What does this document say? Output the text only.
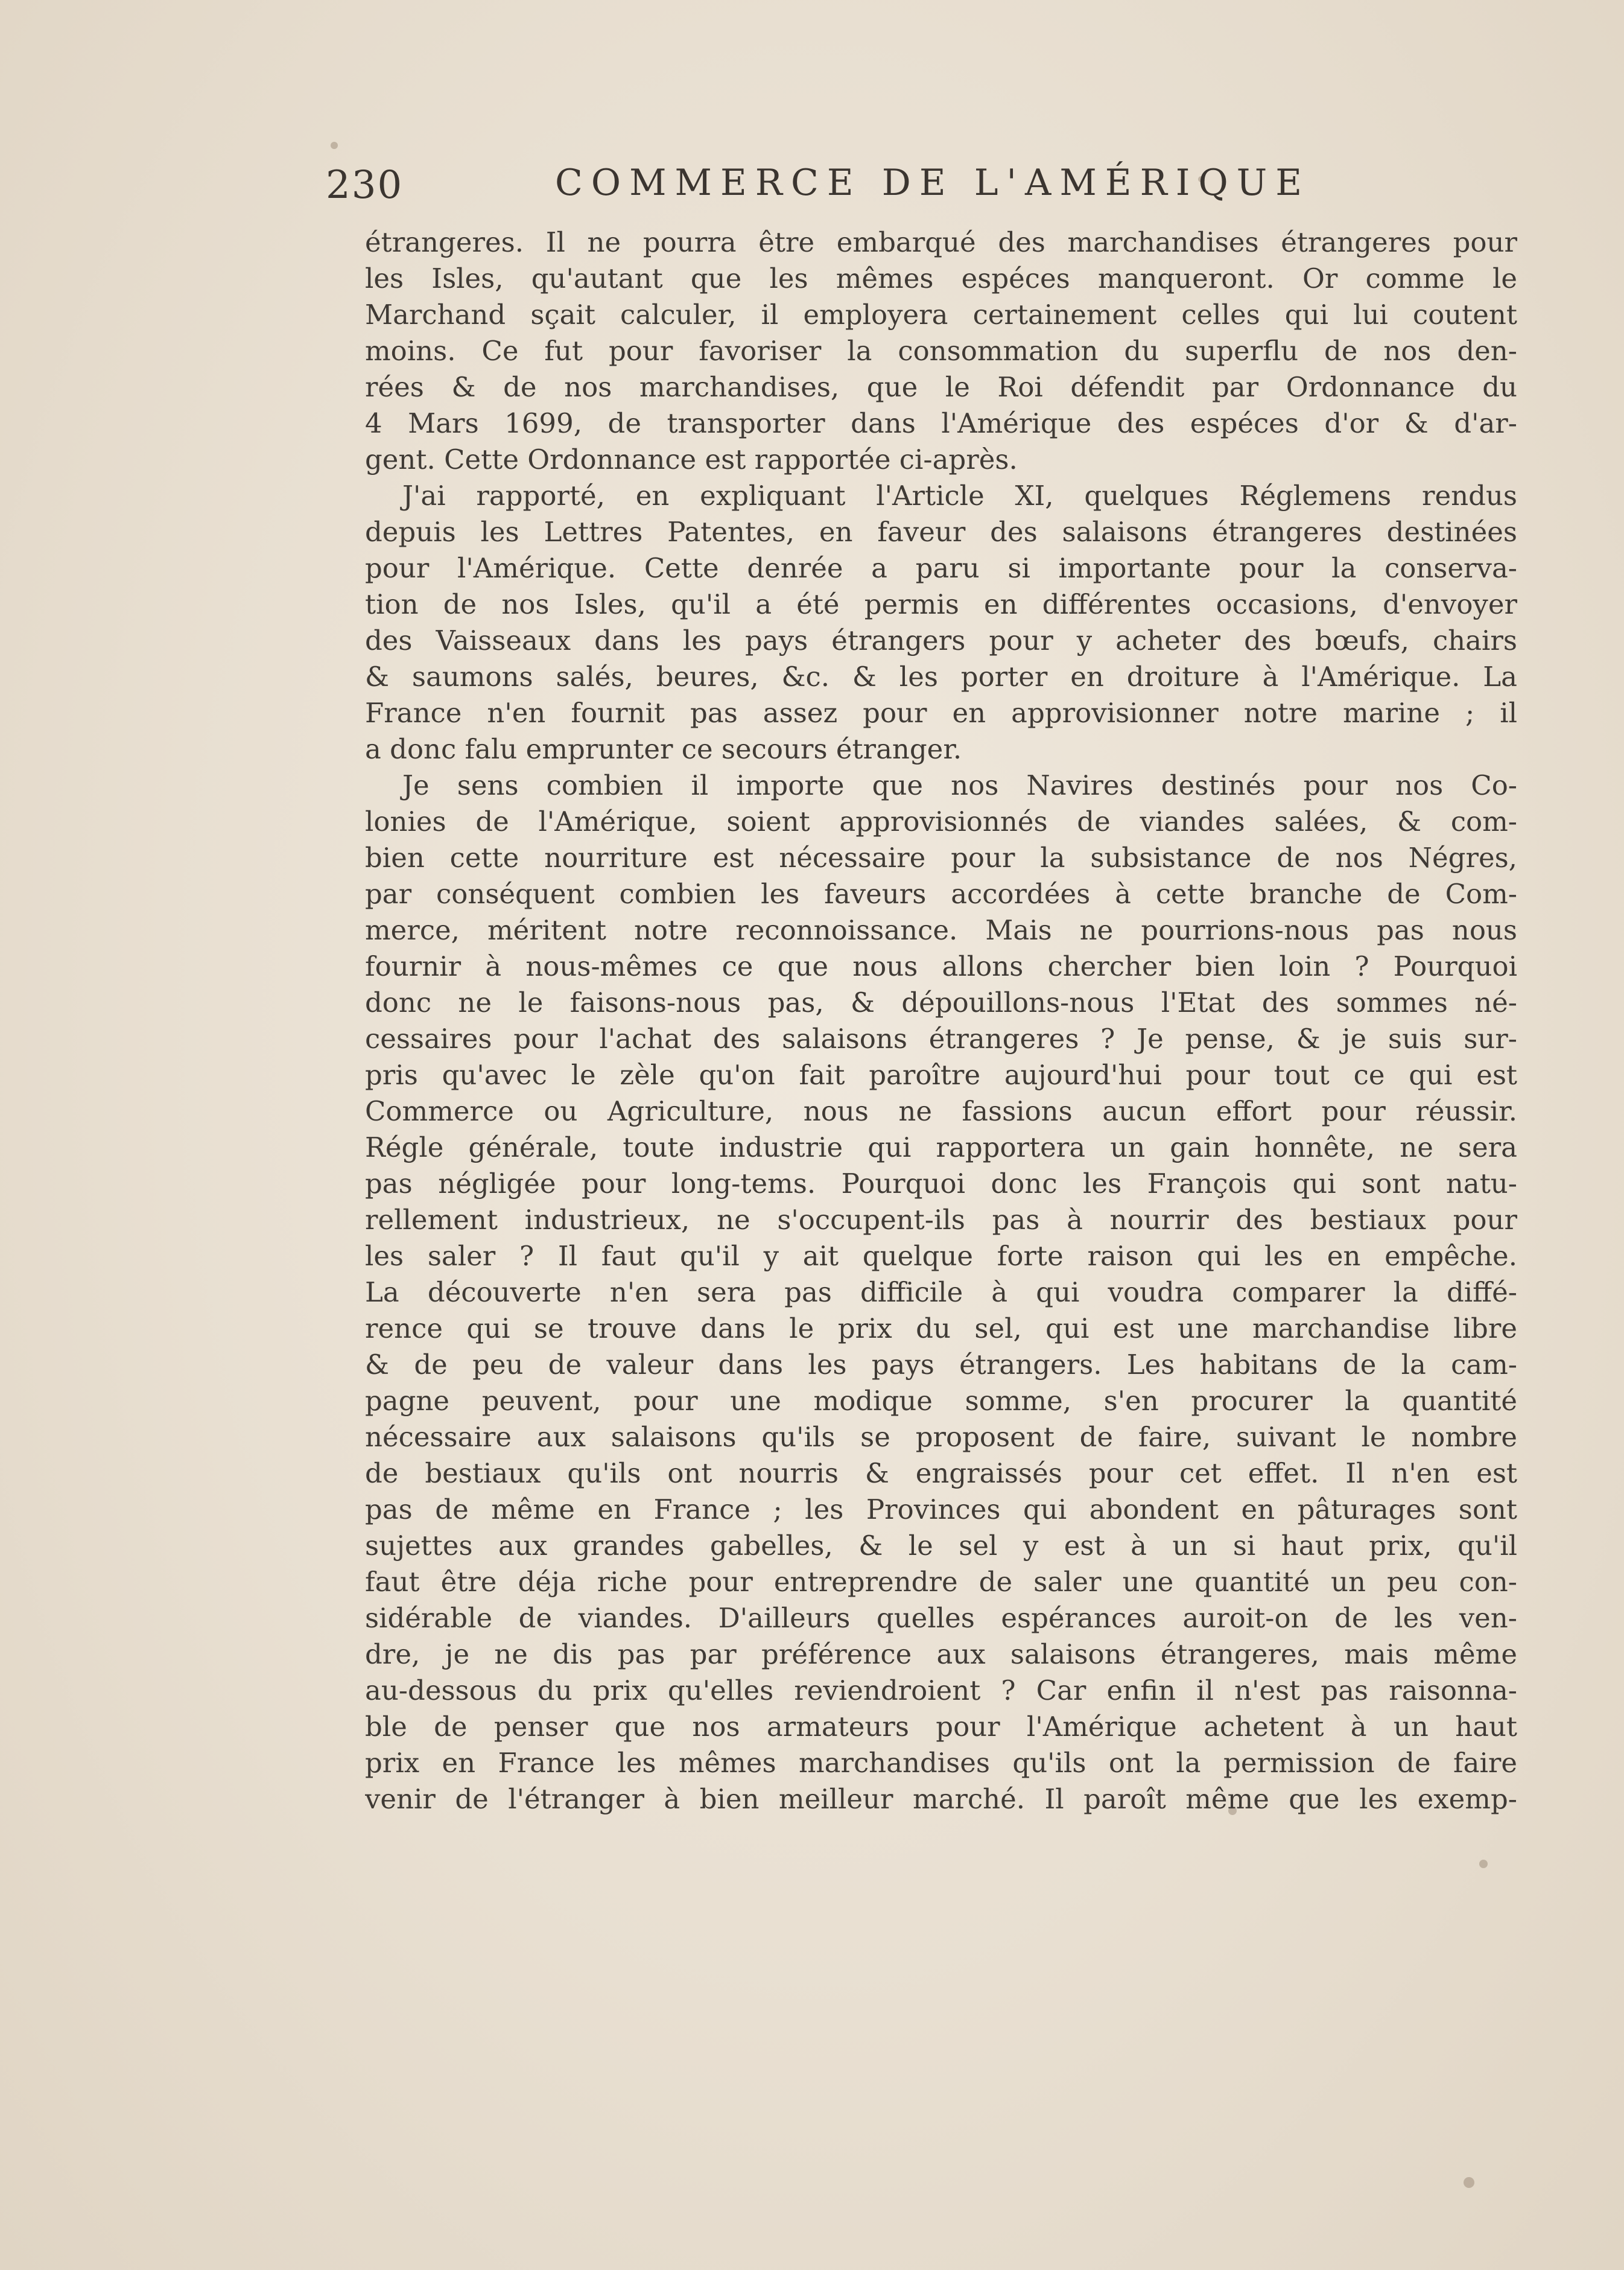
230	COMMERCE DE L'AMÉRIQUE
étrangeres. Il ne pourra être embarqué des marchandises étrangeres pour
les Isles, qu'autant que les mêmes espéces manqueront. Or comme le
Marchand sçait calculer, il employera certainement celles qui lui coutent
moins. Ce fut pour favoriser la consommation du superflu de nos den-
rées & de nos marchandises, que le Roi défendit par Ordonnance du
4 Mars 1699, de transporter dans l'Amérique des espéces d'or & d'ar-
gent. Cette Ordonnance est rapportée ci-après.
J'ai rapporté, en expliquant l'Article XI, quelques Réglemens rendus
depuis les Lettres Patentes, en faveur des salaisons étrangeres destinées
pour l'Amérique. Cette denrée a paru si importante pour la conserva-
tion de nos Isles, qu'il a été permis en différentes occasions, d'envoyer
des Vaisseaux dans les pays étrangers pour y acheter des bœufs, chairs
& saumons salés, beures, &c. & les porter en droiture à l'Amérique. La
France n'en fournit pas assez pour en approvisionner notre marine ; il
a donc falu emprunter ce secours étranger.
Je sens combien il importe que nos Navires destinés pour nos Co-
lonies de l'Amérique, soient approvisionnés de viandes salées, & com-
bien cette nourriture est nécessaire pour la subsistance de nos Négres,
par conséquent combien les faveurs accordées à cette branche de Com-
merce, méritent notre reconnoissance. Mais ne pourrions-nous pas nous
fournir à nous-mêmes ce que nous allons chercher bien loin ? Pourquoi
donc ne le faisons-nous pas, & dépouillons-nous l'Etat des sommes né-
cessaires pour l'achat des salaisons étrangeres ? Je pense, & je suis sur-
pris qu'avec le zèle qu'on fait paroître aujourd'hui pour tout ce qui est
Commerce ou Agriculture, nous ne fassions aucun effort pour réussir.
Régle générale, toute industrie qui rapportera un gain honnête, ne sera
pas négligée pour long-tems. Pourquoi donc les François qui sont natu-
rellement industrieux, ne s'occupent-ils pas à nourrir des bestiaux pour
les saler ? Il faut qu'il y ait quelque forte raison qui les en empêche.
La découverte n'en sera pas difficile à qui voudra comparer la diffé-
rence qui se trouve dans le prix du sel, qui est une marchandise libre
& de peu de valeur dans les pays étrangers. Les habitans de la cam-
pagne peuvent, pour une modique somme, s'en procurer la quantité
nécessaire aux salaisons qu'ils se proposent de faire, suivant le nombre
de bestiaux qu'ils ont nourris & engraissés pour cet effet. Il n'en est
pas de même en France ; les Provinces qui abondent en pâturages sont
sujettes aux grandes gabelles, & le sel y est à un si haut prix, qu'il
faut être déja riche pour entreprendre de saler une quantité un peu con-
sidérable de viandes. D'ailleurs quelles espérances auroit-on de les ven-
dre, je ne dis pas par préférence aux salaisons étrangeres, mais même
au-dessous du prix qu'elles reviendroient ? Car enfin il n'est pas raisonna-
ble de penser que nos armateurs pour l'Amérique achetent à un haut
prix en France les mêmes marchandises qu'ils ont la permission de faire
venir de l'étranger à bien meilleur marché. Il paroît même que les exemp-
